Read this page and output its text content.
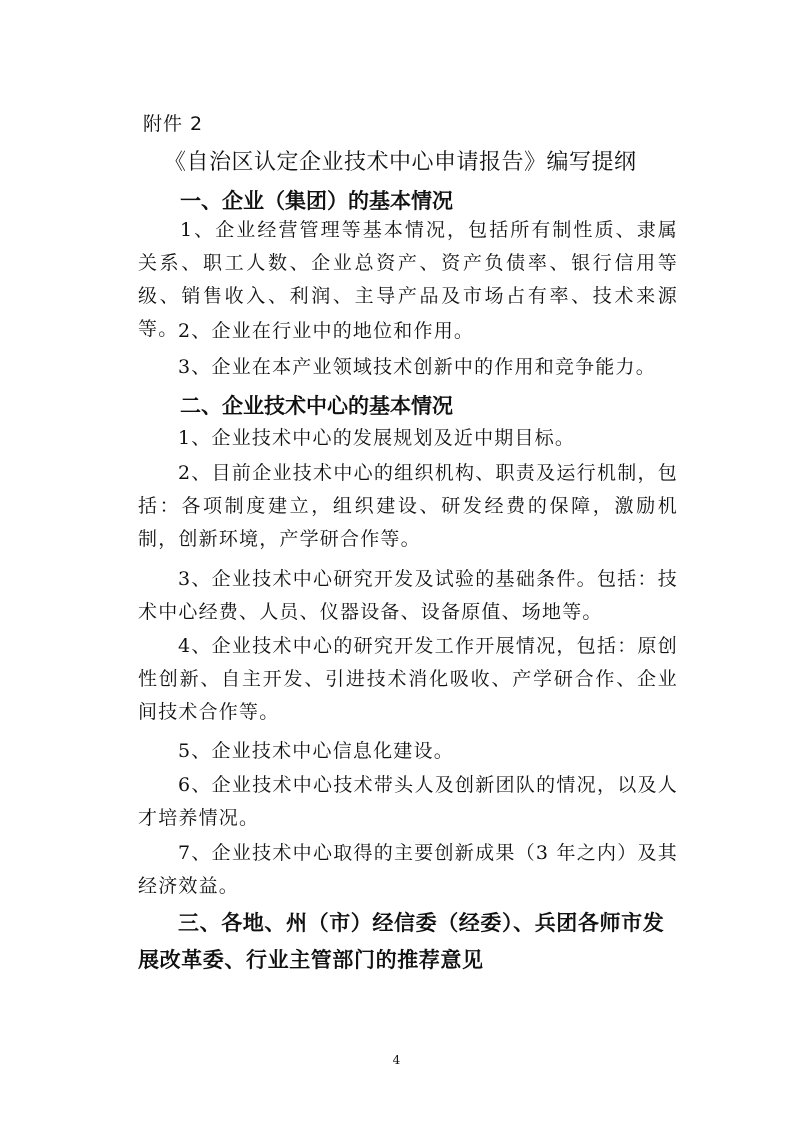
附件 2
《自治区认定企业技术中心申请报告》编写提纲
一、企业（集团）的基本情况
1、企业经营管理等基本情况，包括所有制性质、隶属关系、职工人数、企业总资产、资产负债率、银行信用等级、销售收入、利润、主导产品及市场占有率、技术来源等。 2、企业在行业中的地位和作用。
3、企业在本产业领域技术创新中的作用和竞争能力。
二、企业技术中心的基本情况
1、企业技术中心的发展规划及近中期目标。
2、目前企业技术中心的组织机构、职责及运行机制，包括：各项制度建立，组织建设、研发经费的保障，激励机制，创新环境，产学研合作等。
3、企业技术中心研究开发及试验的基础条件。包括：技术中心经费、人员、仪器设备、设备原值、场地等。
4、企业技术中心的研究开发工作开展情况，包括：原创性创新、自主开发、引进技术消化吸收、产学研合作、企业间技术合作等。
5、企业技术中心信息化建设。
6、企业技术中心技术带头人及创新团队的情况，以及人才培养情况。
7、企业技术中心取得的主要创新成果（3 年之内）及其经济效益。
三、各地、州（市）经信委（经委）、兵团各师市发展改革委、行业主管部门的推荐意见
4
